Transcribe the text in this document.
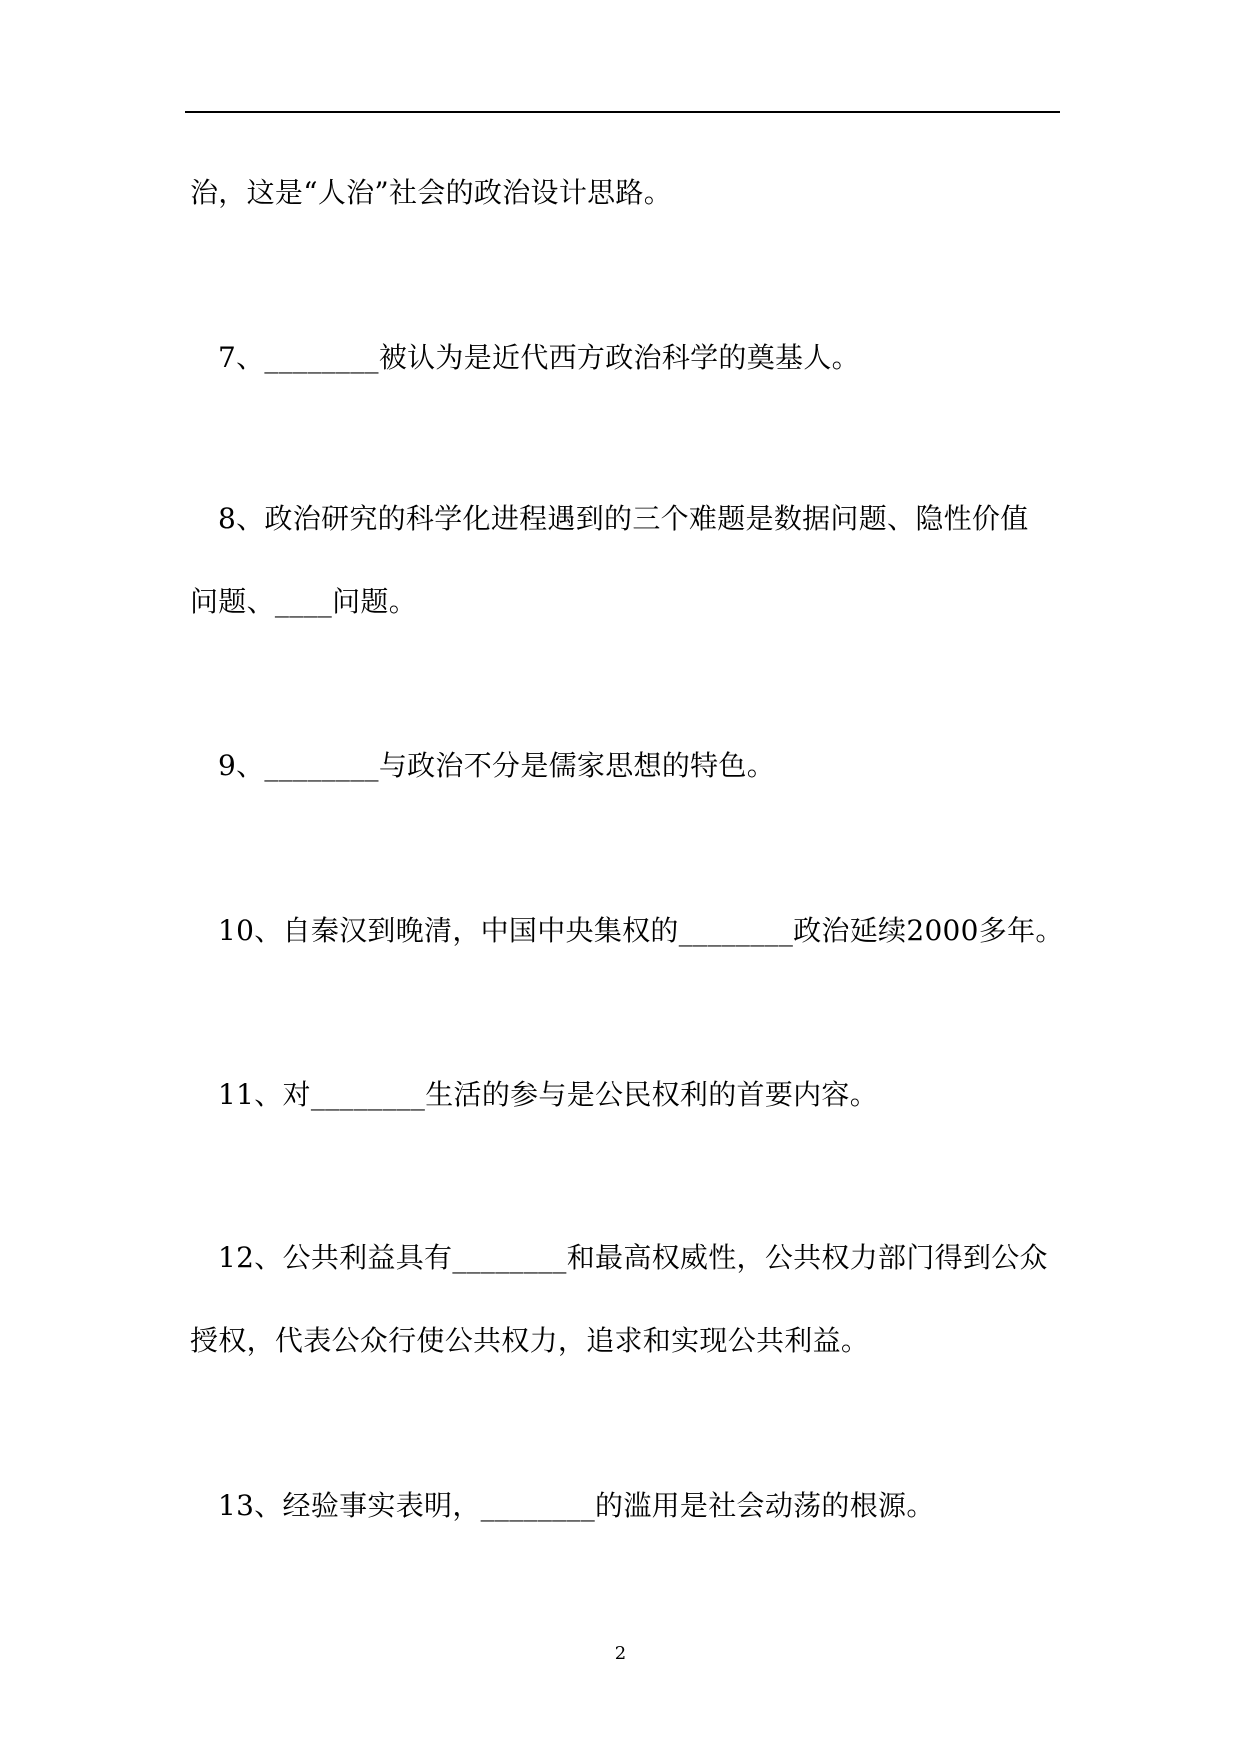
治，这是“人治”社会的政治设计思路。
7、________被认为是近代西方政治科学的奠基人。
8、政治研究的科学化进程遇到的三个难题是数据问题、隐性价值
问题、____问题。
9、________与政治不分是儒家思想的特色。
10、自秦汉到晚清，中国中央集权的________政治延续2000多年。
11、对________生活的参与是公民权利的首要内容。
12、公共利益具有________和最高权威性，公共权力部门得到公众
授权，代表公众行使公共权力，追求和实现公共利益。
13、经验事实表明，________的滥用是社会动荡的根源。
2
